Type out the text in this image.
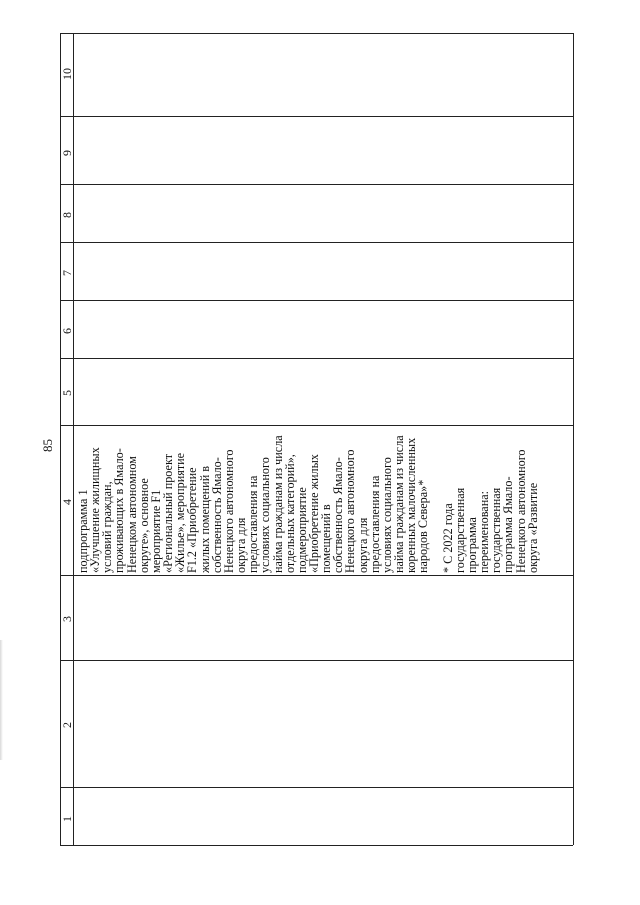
85
1
2
3
4
5
6
7
8
9
10
подпрограмма 1
«Улучшение жилищных
условий граждан,
проживающих в Ямало-
Ненецком автономном
округе», основное
мероприятие F1
«Региональный проект
«Жилье», мероприятие
F1.2 «Приобретение
жилых помещений в
собственность Ямало-
Ненецкого автономного
округа для
предоставления на
условиях социального
найма гражданам из числа
отдельных категорий»,
подмероприятие
«Приобретение жилых
помещений в
собственность Ямало-
Ненецкого автономного
округа для
предоставления на
условиях социального
найма гражданам из числа
коренных малочисленных
народов Севера»* * С 2022 года
государственная
программа
переименована:
государственная
программа Ямало-
Ненецкого автономного
округа «Развитие
